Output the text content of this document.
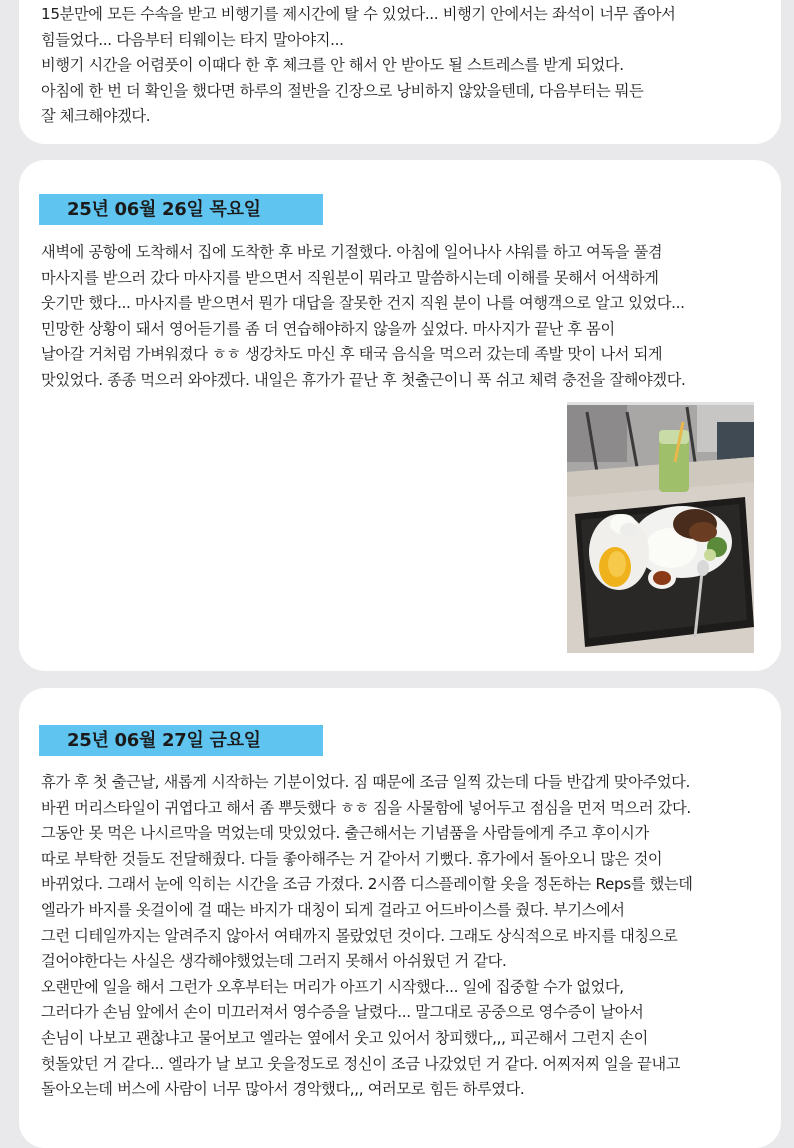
15분만에 모든 수속을 받고 비행기를 제시간에 탈 수 있었다... 비행기 안에서는 좌석이 너무 좁아서
힘들었다... 다음부터 티웨이는 타지 말아야지...
비행기 시간을 어렴풋이 이때다 한 후 체크를 안 해서 안 받아도 될 스트레스를 받게 되었다.
아침에 한 번 더 확인을 했다면 하루의 절반을 긴장으로 낭비하지 않았을텐데, 다음부터는 뭐든
잘 체크해야겠다.
25년 06월 26일 목요일
새벽에 공항에 도착해서 집에 도착한 후 바로 기절했다. 아침에 일어나사 샤워를 하고 여독을 풀겸
마사지를 받으러 갔다 마사지를 받으면서 직원분이 뭐라고 말씀하시는데 이해를 못해서 어색하게
웃기만 했다... 마사지를 받으면서 뭔가 대답을 잘못한 건지 직원 분이 나를 여행객으로 알고 있었다...
민망한 상황이 돼서 영어듣기를 좀 더 연습해야하지 않을까 싶었다. 마사지가 끝난 후 몸이
날아갈 거처럼 가벼워졌다 ㅎㅎ 생강차도 마신 후 태국 음식을 먹으러 갔는데 족발 맛이 나서 되게
맛있었다. 종종 먹으러 와야겠다. 내일은 휴가가 끝난 후 첫출근이니 푹 쉬고 체력 충전을 잘해야겠다.
25년 06월 27일 금요일
휴가 후 첫 출근날, 새롭게 시작하는 기분이었다. 짐 때문에 조금 일찍 갔는데 다들 반갑게 맞아주었다.
바뀐 머리스타일이 귀엽다고 해서 좀 뿌듯했다 ㅎㅎ 짐을 사물함에 넣어두고 점심을 먼저 먹으러 갔다.
그동안 못 먹은 나시르막을 먹었는데 맛있었다. 출근해서는 기념품을 사람들에게 주고 후이시가
따로 부탁한 것들도 전달해줬다. 다들 좋아해주는 거 같아서 기뻤다. 휴가에서 돌아오니 많은 것이
바뀌었다. 그래서 눈에 익히는 시간을 조금 가졌다. 2시쯤 디스플레이할 옷을 정돈하는 Reps를 했는데
엘라가 바지를 옷걸이에 걸 때는 바지가 대칭이 되게 걸라고 어드바이스를 줬다. 부기스에서
그런 디테일까지는 알려주지 않아서 여태까지 몰랐었던 것이다. 그래도 상식적으로 바지를 대칭으로
걸어야한다는 사실은 생각해야했었는데 그러지 못해서 아쉬웠던 거 같다.
오랜만에 일을 해서 그런가 오후부터는 머리가 아프기 시작했다... 일에 집중할 수가 없었다,
그러다가 손님 앞에서 손이 미끄러져서 영수증을 날렸다... 말그대로 공중으로 영수증이 날아서
손님이 나보고 괜찮냐고 물어보고 엘라는 옆에서 웃고 있어서 창피했다,,, 피곤해서 그런지 손이
헛돌았던 거 같다... 엘라가 날 보고 웃을정도로 정신이 조금 나갔었던 거 같다. 어찌저찌 일을 끝내고
돌아오는데 버스에 사람이 너무 많아서 경악했다,,, 여러모로 힘든 하루였다.
